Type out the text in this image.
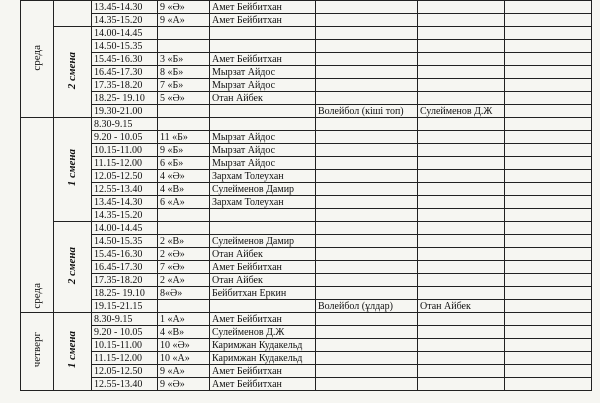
среда		13.45-14.30	9 «Ә»	Амет Бейбитхан				
		14.35-15.20	9 «А»	Амет Бейбитхан				
	2 смена	14.00-14.45						
		14.50-15.35						
		15.45-16.30	3 «Б»	Амет Бейбитхан				
		16.45-17.30	8 «Б»	Мырзат Айдос				
		17.35-18.20	7 «Б»	Мырзат Айдос				
		18.25- 19.10	5 «Ә»	Отан Айбек				
		19.30-21.00			Волейбол (кіші топ)	Сулейменов Д.Ж		
среда	1 смена	8.30-9.15						
		9.20 - 10.05	11 «Б»	Мырзат Айдос				
		10.15-11.00	9 «Б»	Мырзат Айдос				
		11.15-12.00	6 «Б»	Мырзат Айдос				
		12.05-12.50	4 «Ә»	Зархам Толеухан				
		12.55-13.40	4 «В»	Сулейменов Дамир				
		13.45-14.30	6 «А»	Зархам Толеухан				
		14.35-15.20						
	2 смена	14.00-14.45						
		14.50-15.35	2 «В»	Сулейменов Дамир				
		15.45-16.30	2 «Ә»	Отан Айбек				
		16.45-17.30	7 «Ә»	Амет Бейбитхан				
		17.35-18.20	2 «А»	Отан Айбек				
		18.25- 19.10	8«Ә»	Бейбитхан Еркин				
		19.15-21.15			Волейбол (ұлдар)	Отан Айбек		
четверг	1 смена	8.30-9.15	1 «А»	Амет Бейбитхан				
		9.20 - 10.05	4 «В»	Сулейменов Д.Ж				
		10.15-11.00	10 «Ә»	Каримжан Кудакельд				
		11.15-12.00	10 «А»	Каримжан Кудакельд				
		12.05-12.50	9 «А»	Амет Бейбитхан				
		12.55-13.40	9 «Ә»	Амет Бейбитхан				
